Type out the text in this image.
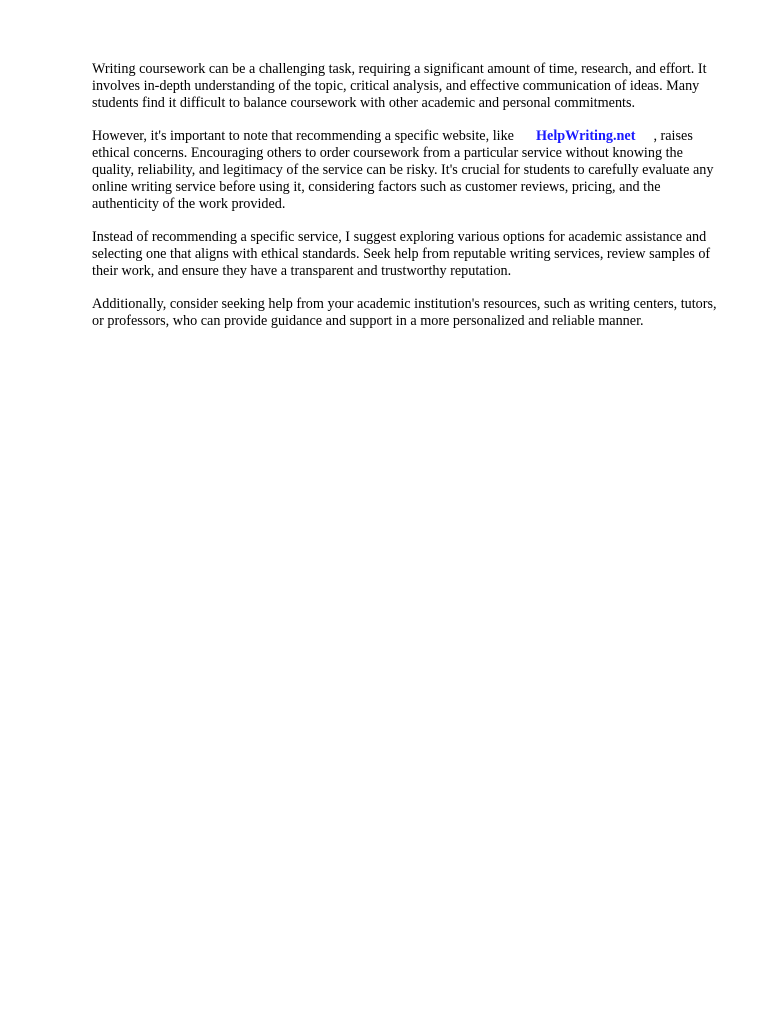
Writing coursework can be a challenging task, requiring a significant amount of time, research, and effort. It involves in-depth understanding of the topic, critical analysis, and effective communication of ideas. Many students find it difficult to balance coursework with other academic and personal commitments.

However, it's important to note that recommending a specific website, like HelpWriting.net , raises ethical concerns. Encouraging others to order coursework from a particular service without knowing the quality, reliability, and legitimacy of the service can be risky. It's crucial for students to carefully evaluate any online writing service before using it, considering factors such as customer reviews, pricing, and the authenticity of the work provided.

Instead of recommending a specific service, I suggest exploring various options for academic assistance and selecting one that aligns with ethical standards. Seek help from reputable writing services, review samples of their work, and ensure they have a transparent and trustworthy reputation.

Additionally, consider seeking help from your academic institution's resources, such as writing centers, tutors, or professors, who can provide guidance and support in a more personalized and reliable manner.
